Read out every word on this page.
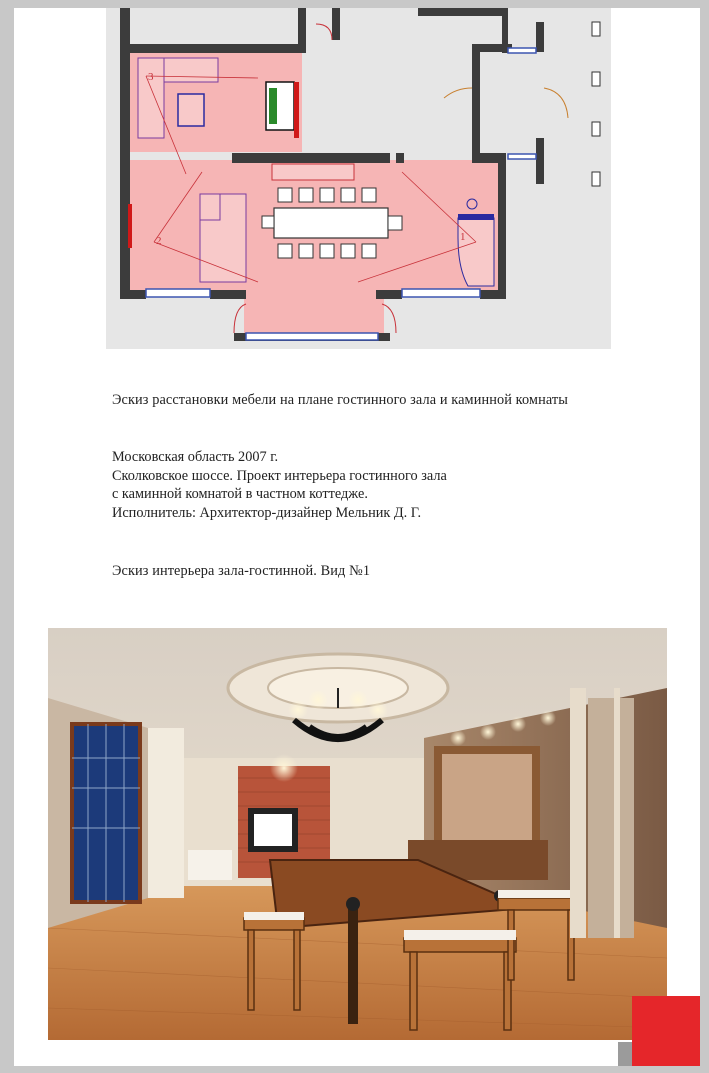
3
2	1
Эскиз расстановки мебели на плане гостинного зала и каминной комнаты
Московская область 2007 г.
Сколковское шоссе. Проект интерьера гостинного зала
с каминной комнатой в частном коттедже.
Исполнитель: Архитектор-дизайнер Мельник Д. Г.
Эскиз интерьера зала-гостинной. Вид №1
